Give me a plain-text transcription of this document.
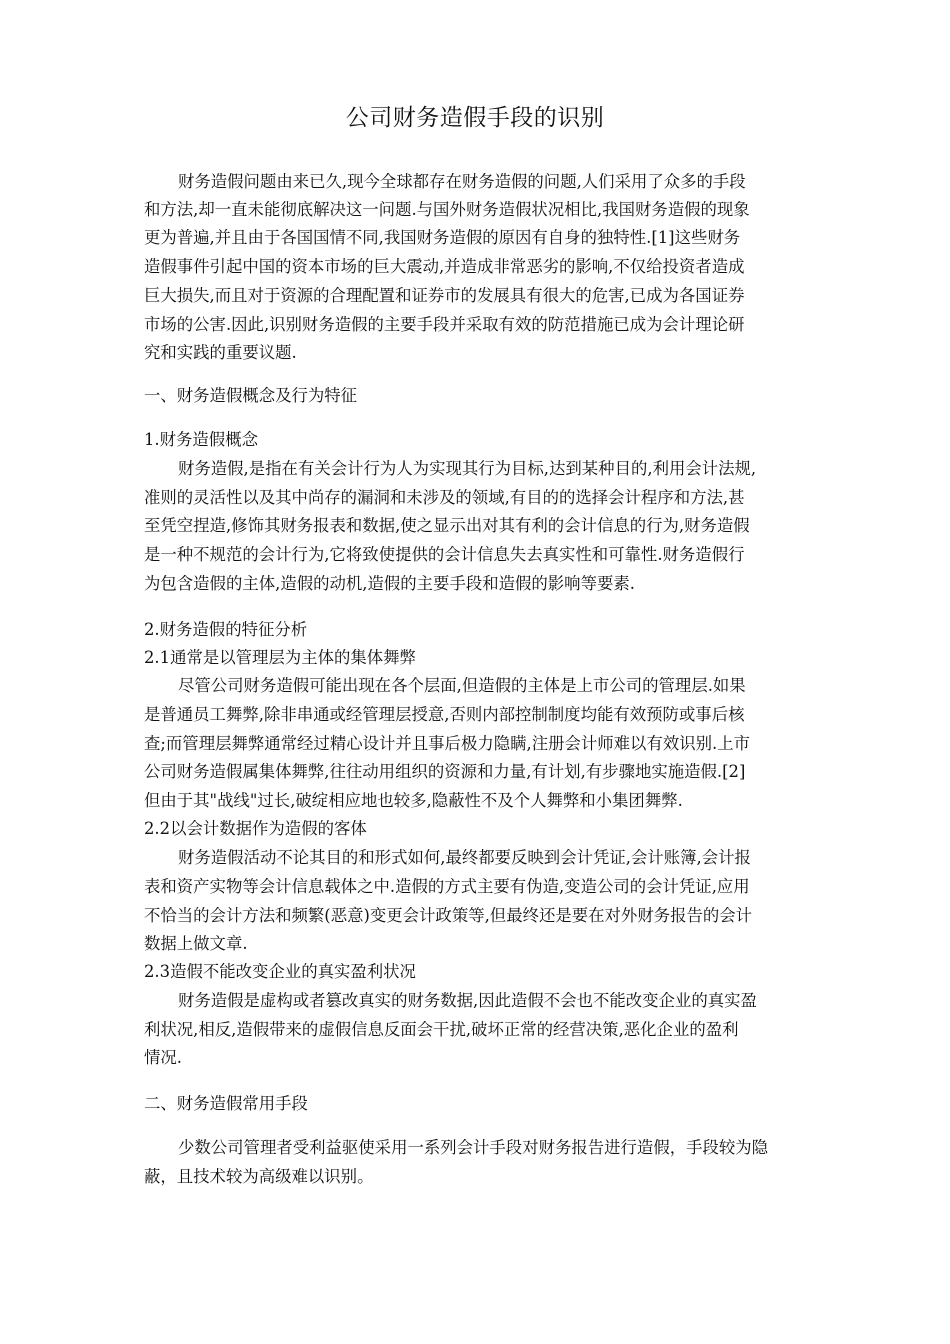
公司财务造假手段的识别
财务造假问题由来已久,现今全球都存在财务造假的问题,人们采用了众多的手段
和方法,却一直未能彻底解决这一问题.与国外财务造假状况相比,我国财务造假的现象
更为普遍,并且由于各国国情不同,我国财务造假的原因有自身的独特性.[1]这些财务
造假事件引起中国的资本市场的巨大震动,并造成非常恶劣的影响,不仅给投资者造成
巨大损失,而且对于资源的合理配置和证券市的发展具有很大的危害,已成为各国证券
市场的公害.因此,识别财务造假的主要手段并采取有效的防范措施已成为会计理论研
究和实践的重要议题.
一、财务造假概念及行为特征
1.财务造假概念
财务造假,是指在有关会计行为人为实现其行为目标,达到某种目的,利用会计法规,
准则的灵活性以及其中尚存的漏洞和未涉及的领域,有目的的选择会计程序和方法,甚
至凭空捏造,修饰其财务报表和数据,使之显示出对其有利的会计信息的行为,财务造假
是一种不规范的会计行为,它将致使提供的会计信息失去真实性和可靠性.财务造假行
为包含造假的主体,造假的动机,造假的主要手段和造假的影响等要素.
2.财务造假的特征分析
2.1通常是以管理层为主体的集体舞弊
尽管公司财务造假可能出现在各个层面,但造假的主体是上市公司的管理层.如果
是普通员工舞弊,除非串通或经管理层授意,否则内部控制制度均能有效预防或事后核
查;而管理层舞弊通常经过精心设计并且事后极力隐瞒,注册会计师难以有效识别.上市
公司财务造假属集体舞弊,往往动用组织的资源和力量,有计划,有步骤地实施造假.[2]
但由于其"战线"过长,破绽相应地也较多,隐蔽性不及个人舞弊和小集团舞弊.
2.2以会计数据作为造假的客体
财务造假活动不论其目的和形式如何,最终都要反映到会计凭证,会计账簿,会计报
表和资产实物等会计信息载体之中.造假的方式主要有伪造,变造公司的会计凭证,应用
不恰当的会计方法和频繁(恶意)变更会计政策等,但最终还是要在对外财务报告的会计
数据上做文章.
2.3造假不能改变企业的真实盈利状况
财务造假是虚构或者篡改真实的财务数据,因此造假不会也不能改变企业的真实盈
利状况,相反,造假带来的虚假信息反面会干扰,破坏正常的经营决策,恶化企业的盈利
情况.
二、财务造假常用手段
少数公司管理者受利益驱使采用一系列会计手段对财务报告进行造假，手段较为隐
蔽，且技术较为高级难以识别。
